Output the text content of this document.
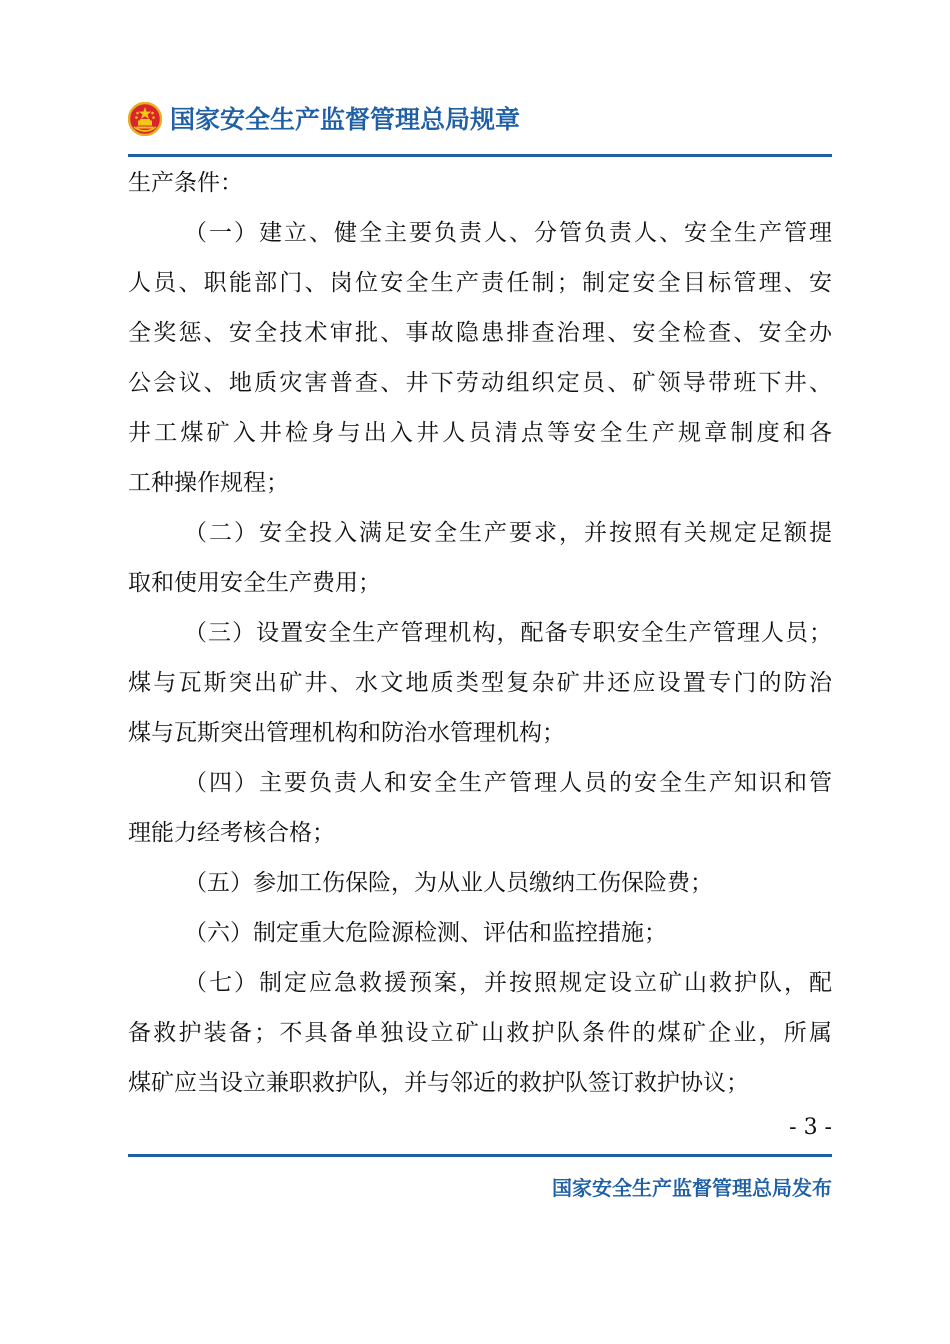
国家安全生产监督管理总局规章
生产条件：
（一）建立、健全主要负责人、分管负责人、安全生产管理
人员、职能部门、岗位安全生产责任制；制定安全目标管理、安
全奖惩、安全技术审批、事故隐患排查治理、安全检查、安全办
公会议、地质灾害普查、井下劳动组织定员、矿领导带班下井、
井工煤矿入井检身与出入井人员清点等安全生产规章制度和各
工种操作规程；
（二）安全投入满足安全生产要求，并按照有关规定足额提
取和使用安全生产费用；
（三）设置安全生产管理机构，配备专职安全生产管理人员；
煤与瓦斯突出矿井、水文地质类型复杂矿井还应设置专门的防治
煤与瓦斯突出管理机构和防治水管理机构；
（四）主要负责人和安全生产管理人员的安全生产知识和管
理能力经考核合格；
（五）参加工伤保险，为从业人员缴纳工伤保险费；
（六）制定重大危险源检测、评估和监控措施；
（七）制定应急救援预案，并按照规定设立矿山救护队，配
备救护装备；不具备单独设立矿山救护队条件的煤矿企业，所属
煤矿应当设立兼职救护队，并与邻近的救护队签订救护协议；
- 3 -
国家安全生产监督管理总局发布
